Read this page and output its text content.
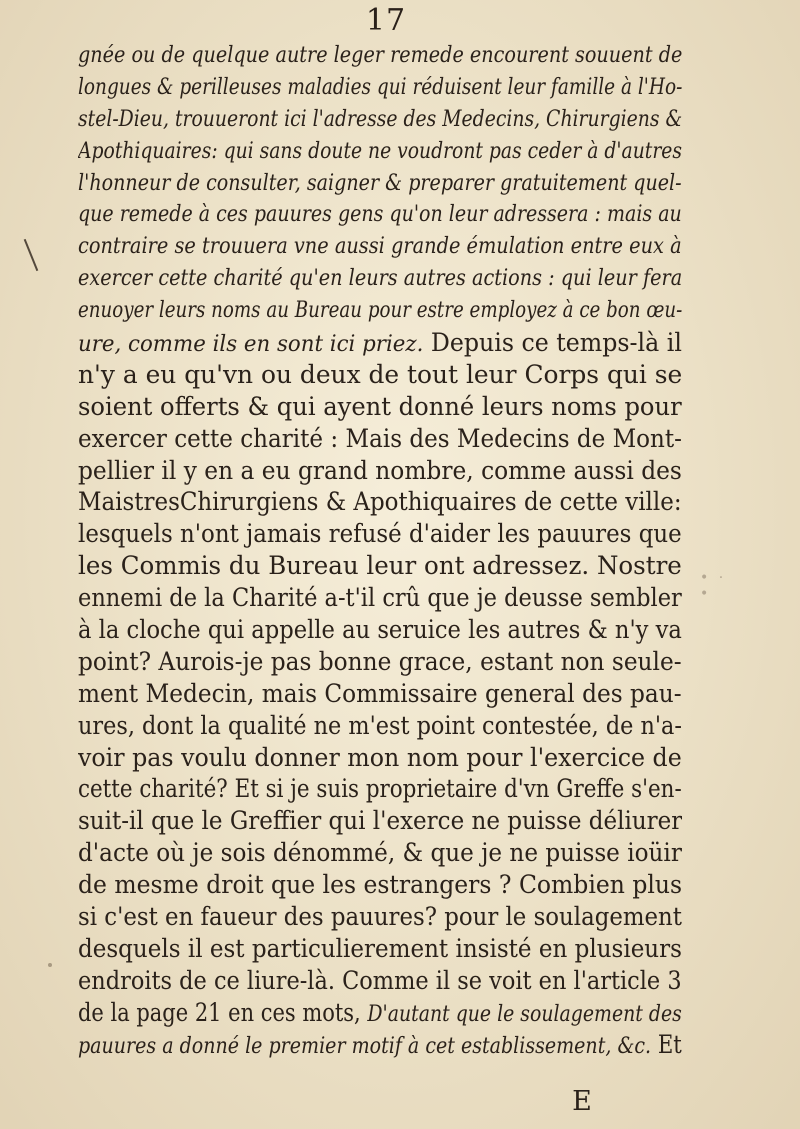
• · •
17
gnée ou de quelque autre leger remede encourent souuent de
longues & perilleuses maladies qui réduisent leur famille à l'Ho-
stel-Dieu, trouueront ici l'adresse des Medecins, Chirurgiens &
Apothiquaires: qui sans doute ne voudront pas ceder à d'autres
l'honneur de consulter, saigner & preparer gratuitement quel-
que remede à ces pauures gens qu'on leur adressera : mais au
contraire se trouuera vne aussi grande émulation entre eux à
exercer cette charité qu'en leurs autres actions : qui leur fera
enuoyer leurs noms au Bureau pour estre employez à ce bon œu-
ure, comme ils en sont ici priez. Depuis ce temps-là il
n'y a eu qu'vn ou deux de tout leur Corps qui se
soient offerts & qui ayent donné leurs noms pour
exercer cette charité : Mais des Medecins de Mont-
pellier il y en a eu grand nombre, comme aussi des
MaistresChirurgiens & Apothiquaires de cette ville:
lesquels n'ont jamais refusé d'aider les pauures que
les Commis du Bureau leur ont adressez. Nostre
ennemi de la Charité a-t'il crû que je deusse sembler
à la cloche qui appelle au seruice les autres & n'y va
point? Aurois-je pas bonne grace, estant non seule-
ment Medecin, mais Commissaire general des pau-
ures, dont la qualité ne m'est point contestée, de n'a-
voir pas voulu donner mon nom pour l'exercice de
cette charité? Et si je suis proprietaire d'vn Greffe s'en-
suit-il que le Greffier qui l'exerce ne puisse déliurer
d'acte où je sois dénommé, & que je ne puisse ioüir
de mesme droit que les estrangers ? Combien plus
si c'est en faueur des pauures? pour le soulagement
desquels il est particulierement insisté en plusieurs
endroits de ce liure-là. Comme il se voit en l'article 3
de la page 21 en ces mots, D'autant que le soulagement des
pauures a donné le premier motif à cet establissement, &c. Et
E
